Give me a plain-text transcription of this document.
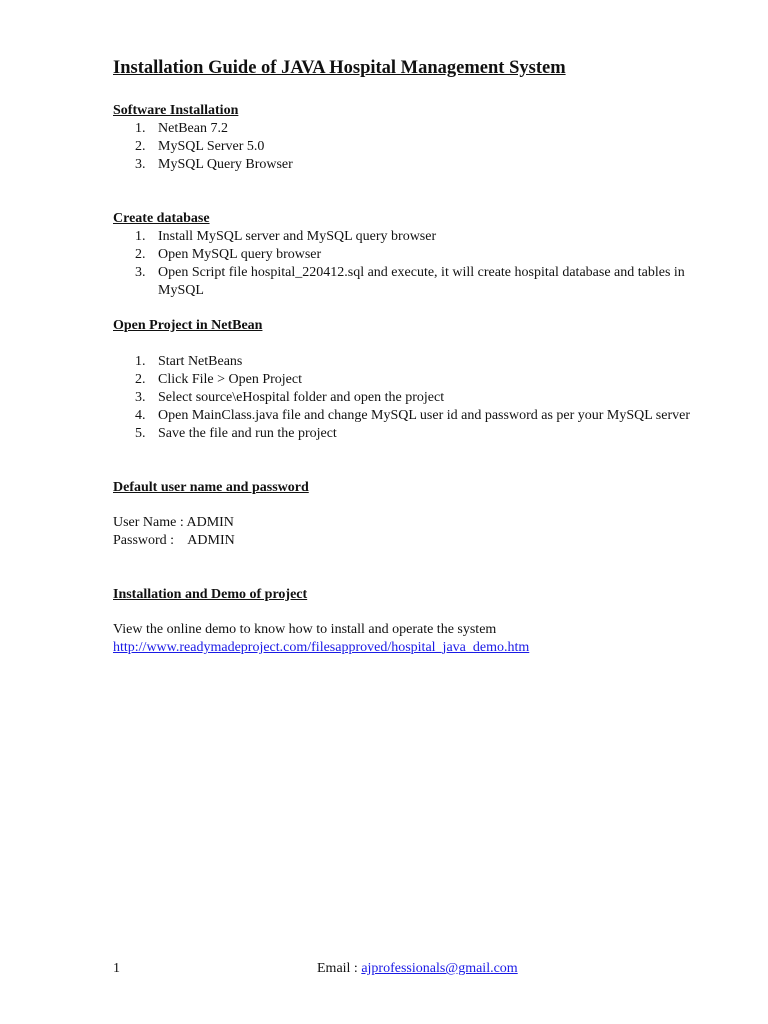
Installation Guide of JAVA Hospital Management System
Software Installation
1. NetBean 7.2
2. MySQL Server 5.0
3. MySQL Query Browser
Create database
1. Install MySQL server and MySQL query browser
2. Open MySQL query browser
3. Open Script file hospital_220412.sql and execute, it will create hospital database and tables in MySQL
Open Project in NetBean
1. Start NetBeans
2. Click File > Open Project
3. Select source\eHospital folder and open the project
4. Open MainClass.java file and change MySQL user id and password as per your MySQL server
5. Save the file and run the project
Default user name and password

User Name : ADMIN

Password :    ADMIN

Installation and Demo of project

View the online demo to know how to install and operate the system

http://www.readymadeproject.com/filesapproved/hospital_java_demo.htm

1	Email : ajprofessionals@gmail.com
